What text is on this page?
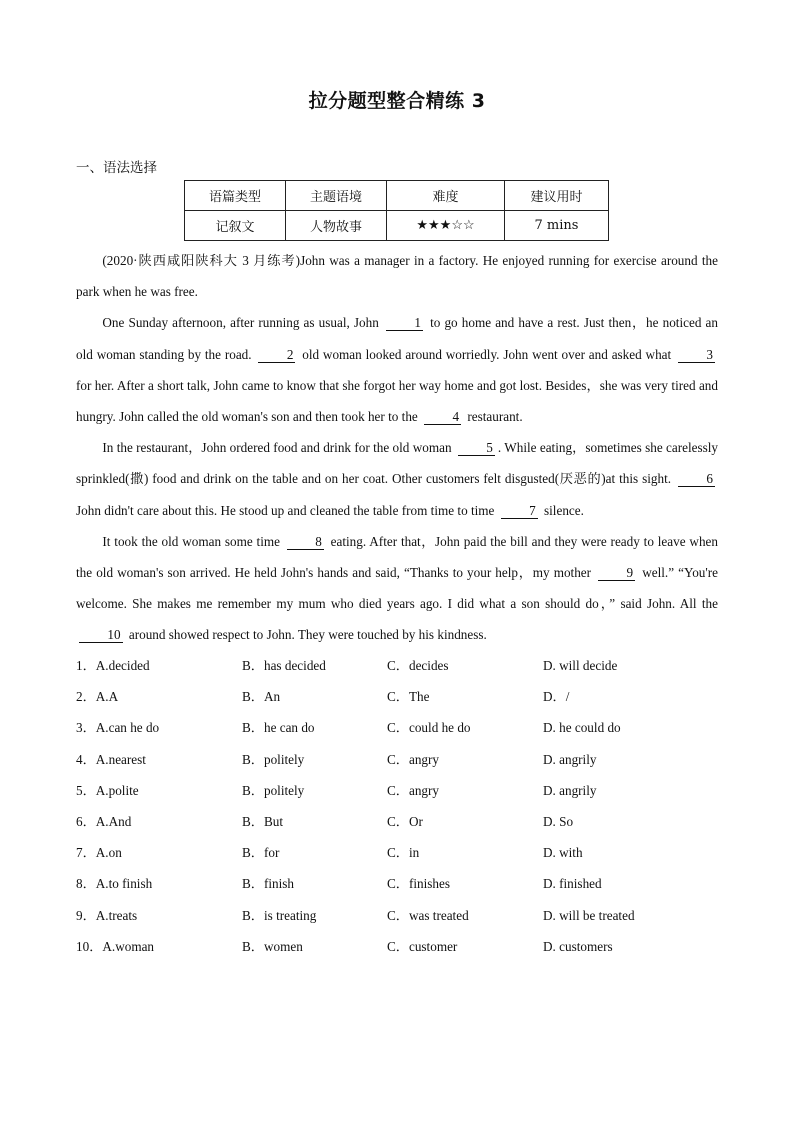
拉分题型整合精练 3
一、语法选择
语篇类型	主题语境	难度	建议用时
记叙文	人物故事	★★★☆☆	7 mins

(2020·陕西咸阳陕科大 3 月练考)John was a manager in a factory. He enjoyed running for exercise around the park when he was free.

One Sunday afternoon, after running as usual, John 1 to go home and have a rest. Just then，he noticed an old woman standing by the road. 2 old woman looked around worriedly. John went over and asked what 3 for her. After a short talk, John came to know that she forgot her way home and got lost. Besides，she was very tired and hungry. John called the old woman's son and then took her to the 4 restaurant.

In the restaurant，John ordered food and drink for the old woman 5 . While eating，sometimes she carelessly sprinkled(撒) food and drink on the table and on her coat. Other customers felt disgusted(厌恶的)at this sight. 6 John didn't care about this. He stood up and cleaned the table from time to time 7 silence.

It took the old woman some time 8 eating. After that，John paid the bill and they were ready to leave when the old woman's son arrived. He held John's hands and said, “Thanks to your help，my mother 9 well.” “You're welcome. She makes me remember my mum who died years ago. I did what a son should do，” said John. All the 10 around showed respect to John. They were touched by his kindness.

1．A.decided	B．has decided	C．decides	D. will decide
2．A.A	B．An	C．The	D．/
3．A.can he do	B．he can do	C．could he do	D. he could do
4．A.nearest	B．politely	C．angry	D. angrily
5．A.polite	B．politely	C．angry	D. angrily
6．A.And	B．But	C．Or	D. So
7．A.on	B．for	C．in	D. with
8．A.to finish	B．finish	C．finishes	D. finished
9．A.treats	B．is treating	C．was treated	D. will be treated
10．A.woman	B．women	C．customer	D. customers
